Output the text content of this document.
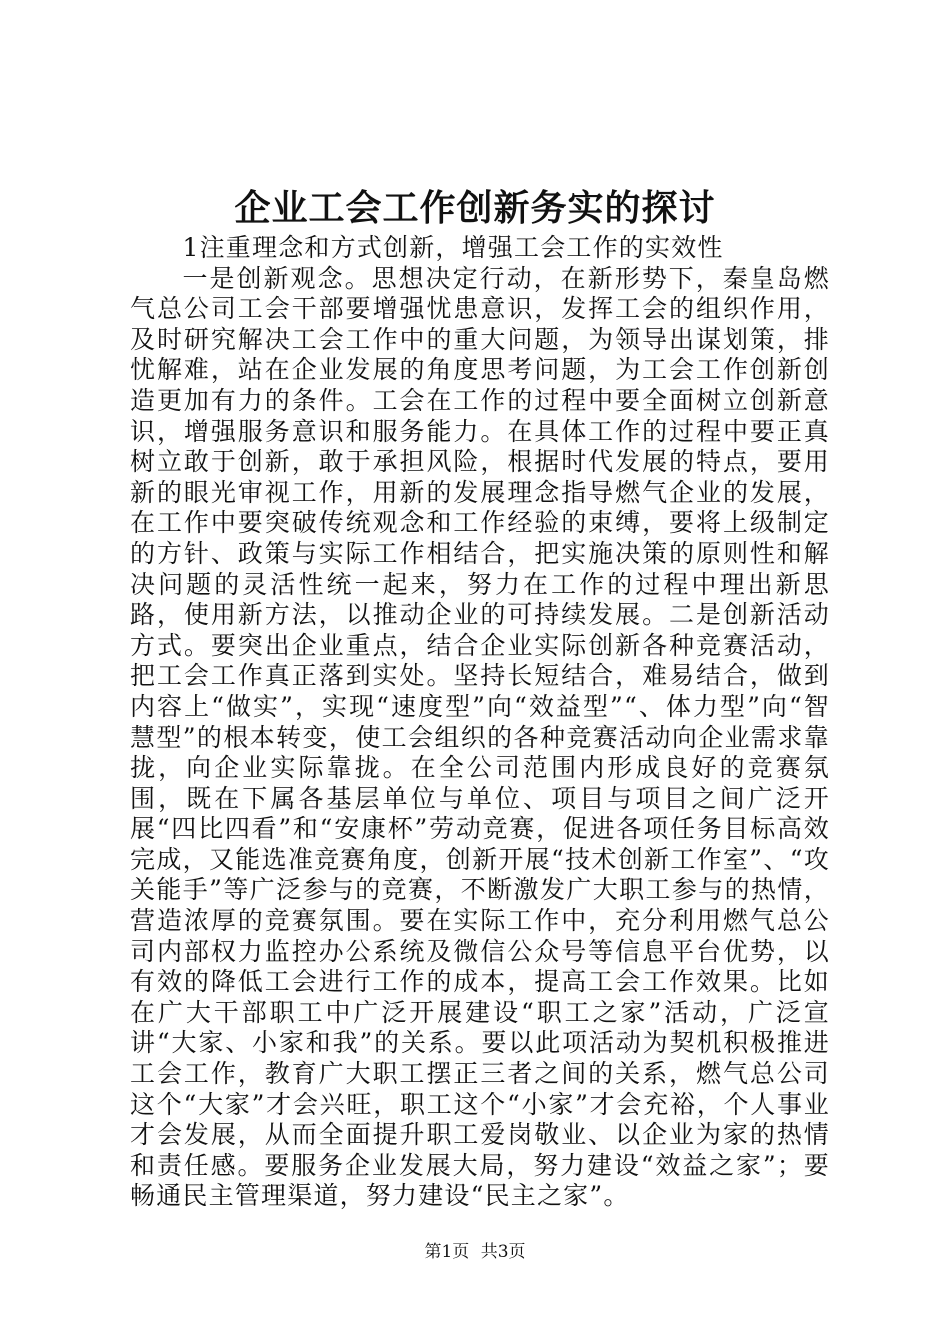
企业工会工作创新务实的探讨

1注重理念和方式创新，增强工会工作的实效性

一是创新观念。思想决定行动，在新形势下，秦皇岛燃气总公司工会干部要增强忧患意识，发挥工会的组织作用，及时研究解决工会工作中的重大问题，为领导出谋划策，排忧解难，站在企业发展的角度思考问题，为工会工作创新创造更加有力的条件。工会在工作的过程中要全面树立创新意识，增强服务意识和服务能力。在具体工作的过程中要正真树立敢于创新，敢于承担风险，根据时代发展的特点，要用新的眼光审视工作，用新的发展理念指导燃气企业的发展，在工作中要突破传统观念和工作经验的束缚，要将上级制定的方针、政策与实际工作相结合，把实施决策的原则性和解决问题的灵活性统一起来，努力在工作的过程中理出新思路，使用新方法，以推动企业的可持续发展。二是创新活动方式。要突出企业重点，结合企业实际创新各种竞赛活动，把工会工作真正落到实处。坚持长短结合，难易结合，做到内容上“做实”，实现“速度型”向“效益型”“、体力型”向“智慧型”的根本转变，使工会组织的各种竞赛活动向企业需求靠拢，向企业实际靠拢。在全公司范围内形成良好的竞赛氛围，既在下属各基层单位与单位、项目与项目之间广泛开展“四比四看”和“安康杯”劳动竞赛，促进各项任务目标高效完成，又能选准竞赛角度，创新开展“技术创新工作室”、“攻关能手”等广泛参与的竞赛，不断激发广大职工参与的热情，营造浓厚的竞赛氛围。要在实际工作中，充分利用燃气总公司内部权力监控办公系统及微信公众号等信息平台优势，以有效的降低工会进行工作的成本，提高工会工作效果。比如在广大干部职工中广泛开展建设“职工之家”活动，广泛宣讲“大家、小家和我”的关系。要以此项活动为契机积极推进工会工作，教育广大职工摆正三者之间的关系，燃气总公司这个“大家”才会兴旺，职工这个“小家”才会充裕，个人事业才会发展，从而全面提升职工爱岗敬业、以企业为家的热情和责任感。要服务企业发展大局，努力建设“效益之家”；要畅通民主管理渠道，努力建设“民主之家”。

第1页 共3页
